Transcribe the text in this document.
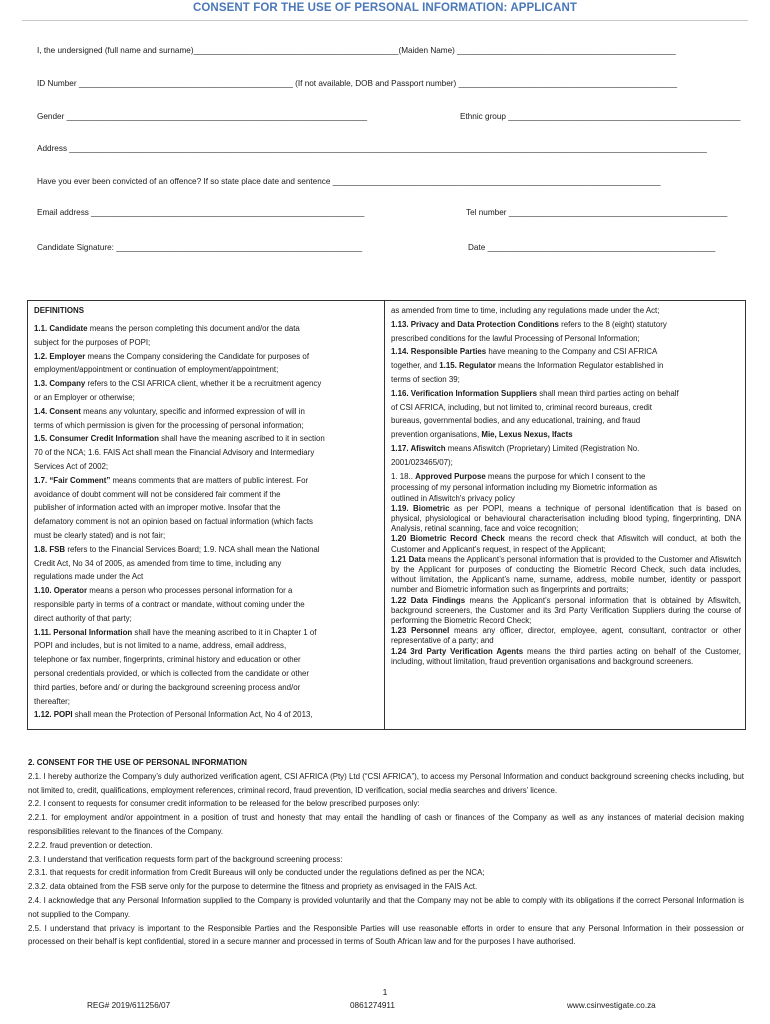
CONSENT FOR THE USE OF PERSONAL INFORMATION: APPLICANT
I, the undersigned (full name and surname)_____________________________________________(Maiden Name) ________________________________________________
ID Number _______________________________________________ (If not available, DOB and Passport number) ________________________________________________
Gender __________________________________________________________________	Ethnic group ___________________________________________________
Address ____________________________________________________________________________________________________________________________________________
Have you ever been convicted of an offence? If so state place date and sentence ________________________________________________________________________
Email address ____________________________________________________________	Tel number ________________________________________________
Candidate Signature: ______________________________________________________	Date __________________________________________________

DEFINITIONS

1.1. Candidate means the person completing this document and/or the data

subject for the purposes of POPI;

1.2. Employer means the Company considering the Candidate for purposes of

employment/appointment or continuation of employment/appointment;

1.3. Company refers to the CSI AFRICA client, whether it be a recruitment agency

or an Employer or otherwise;

1.4. Consent means any voluntary, specific and informed expression of will in

terms of which permission is given for the processing of personal information;

1.5. Consumer Credit Information shall have the meaning ascribed to it in section

70 of the NCA; 1.6. FAIS Act shall mean the Financial Advisory and Intermediary

Services Act of 2002;

1.7. “Fair Comment” means comments that are matters of public interest. For

avoidance of doubt comment will not be considered fair comment if the

publisher of information acted with an improper motive. Insofar that the

defamatory comment is not an opinion based on factual information (which facts

must be clearly stated) and is not fair;

1.8. FSB refers to the Financial Services Board; 1.9. NCA shall mean the National

Credit Act, No 34 of 2005, as amended from time to time, including any

regulations made under the Act

1.10. Operator means a person who processes personal information for a

responsible party in terms of a contract or mandate, without coming under the

direct authority of that party;

1.11. Personal Information shall have the meaning ascribed to it in Chapter 1 of

POPI and includes, but is not limited to a name, address, email address,

telephone or fax number, fingerprints, criminal history and education or other

personal credentials provided, or which is collected from the candidate or other

third parties, before and/ or during the background screening process and/or

thereafter;

1.12. POPI shall mean the Protection of Personal Information Act, No 4 of 2013,

as amended from time to time, including any regulations made under the Act;

1.13. Privacy and Data Protection Conditions refers to the 8 (eight) statutory

prescribed conditions for the lawful Processing of Personal Information;

1.14. Responsible Parties have meaning to the Company and CSI AFRICA

together, and 1.15. Regulator means the Information Regulator established in

terms of section 39;

1.16. Verification Information Suppliers shall mean third parties acting on behalf

of CSI AFRICA, including, but not limited to, criminal record bureaus, credit

bureaus, governmental bodies, and any educational, training, and fraud

prevention organisations, Mie, Lexus Nexus, Ifacts

1.17. Afiswitch means Afiswitch (Proprietary) Limited (Registration No.

2001/023465/07);

1. 18.. Approved Purpose means the purpose for which I consent to the

processing of my personal information including my Biometric information as

outlined in Afiswitch's privacy policy

1.19. Biometric as per POPI, means a technique of personal identification that is based on physical, physiological or behavioural characterisation including blood typing, fingerprinting, DNA Analysis, retinal scanning, face and voice recognition;

1.20 Biometric Record Check means the record check that Afiswitch will conduct, at both the Customer and Applicant’s request, in respect of the Applicant;

1.21 Data means the Applicant’s personal information that is provided to the Customer and Afiswitch by the Applicant for purposes of conducting the Biometric Record Check, such data includes, without limitation, the Applicant’s name, surname, address, mobile number, identity or passport number and Biometric information such as fingerprints and portraits;

1.22 Data Findings means the Applicant’s personal information that is obtained by Afiswitch, background screeners, the Customer and its 3rd Party Verification Suppliers during the course of performing the Biometric Record Check;

1.23 Personnel means any officer, director, employee, agent, consultant, contractor or other representative of a party; and

1.24 3rd Party Verification Agents means the third parties acting on behalf of the Customer, including, without limitation, fraud prevention organisations and background screeners.

2. CONSENT FOR THE USE OF PERSONAL INFORMATION

2.1. I hereby authorize the Company’s duly authorized verification agent, CSI AFRICA (Pty) Ltd (“CSI AFRICA”), to access my Personal Information and conduct background screening checks including, but not limited to, credit, qualifications, employment references, criminal record, fraud prevention, ID verification, social media searches and drivers’ licence.

2.2. I consent to requests for consumer credit information to be released for the below prescribed purposes only:

2.2.1. for employment and/or appointment in a position of trust and honesty that may entail the handling of cash or finances of the Company as well as any instances of material decision making responsibilities relevant to the finances of the Company.

2.2.2. fraud prevention or detection.

2.3. I understand that verification requests form part of the background screening process:

2.3.1. that requests for credit information from Credit Bureaus will only be conducted under the regulations defined as per the NCA;

2.3.2. data obtained from the FSB serve only for the purpose to determine the fitness and propriety as envisaged in the FAIS Act.

2.4. I acknowledge that any Personal Information supplied to the Company is provided voluntarily and that the Company may not be able to comply with its obligations if the correct Personal Information is not supplied to the Company.

2.5. I understand that privacy is important to the Responsible Parties and the Responsible Parties will use reasonable efforts in order to ensure that any Personal Information in their possession or processed on their behalf is kept confidential, stored in a secure manner and processed in terms of South African law and for the purposes I have authorised.

1
REG# 2019/611256/07	0861274911	www.csinvestigate.co.za
